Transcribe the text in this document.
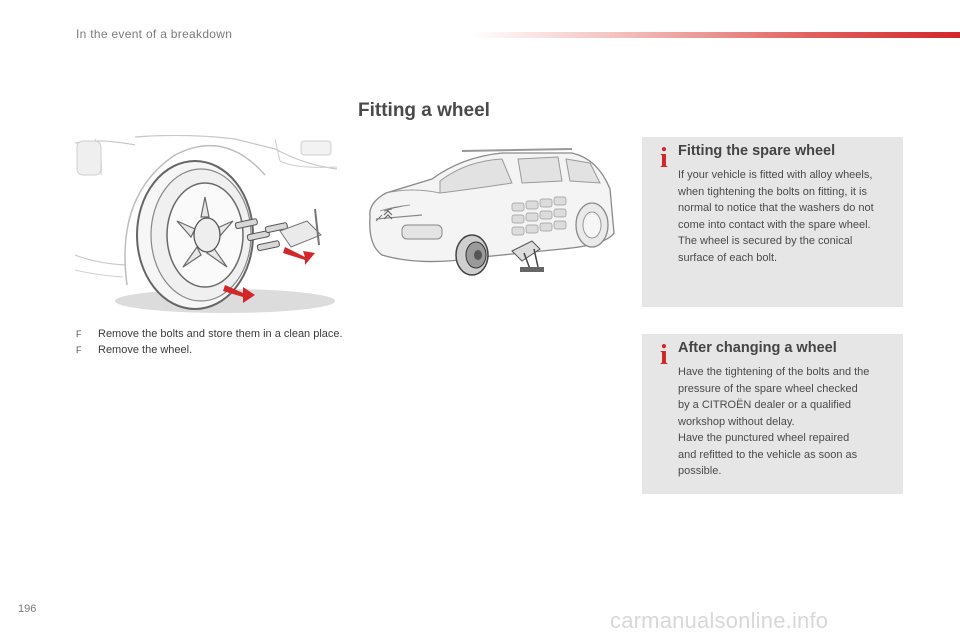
In the event of a breakdown
Fitting a wheel
F	Remove the bolts and store them in a clean place.
F	Remove the wheel.
i Fitting the spare wheel
If your vehicle is fitted with alloy wheels,
when tightening the bolts on fitting, it is
normal to notice that the washers do not
come into contact with the spare wheel.
The wheel is secured by the conical
surface of each bolt.
i After changing a wheel
Have the tightening of the bolts and the
pressure of the spare wheel checked
by a CITROËN dealer or a qualified
workshop without delay.
Have the punctured wheel repaired
and refitted to the vehicle as soon as
possible.
196	carmanualsonline.info
